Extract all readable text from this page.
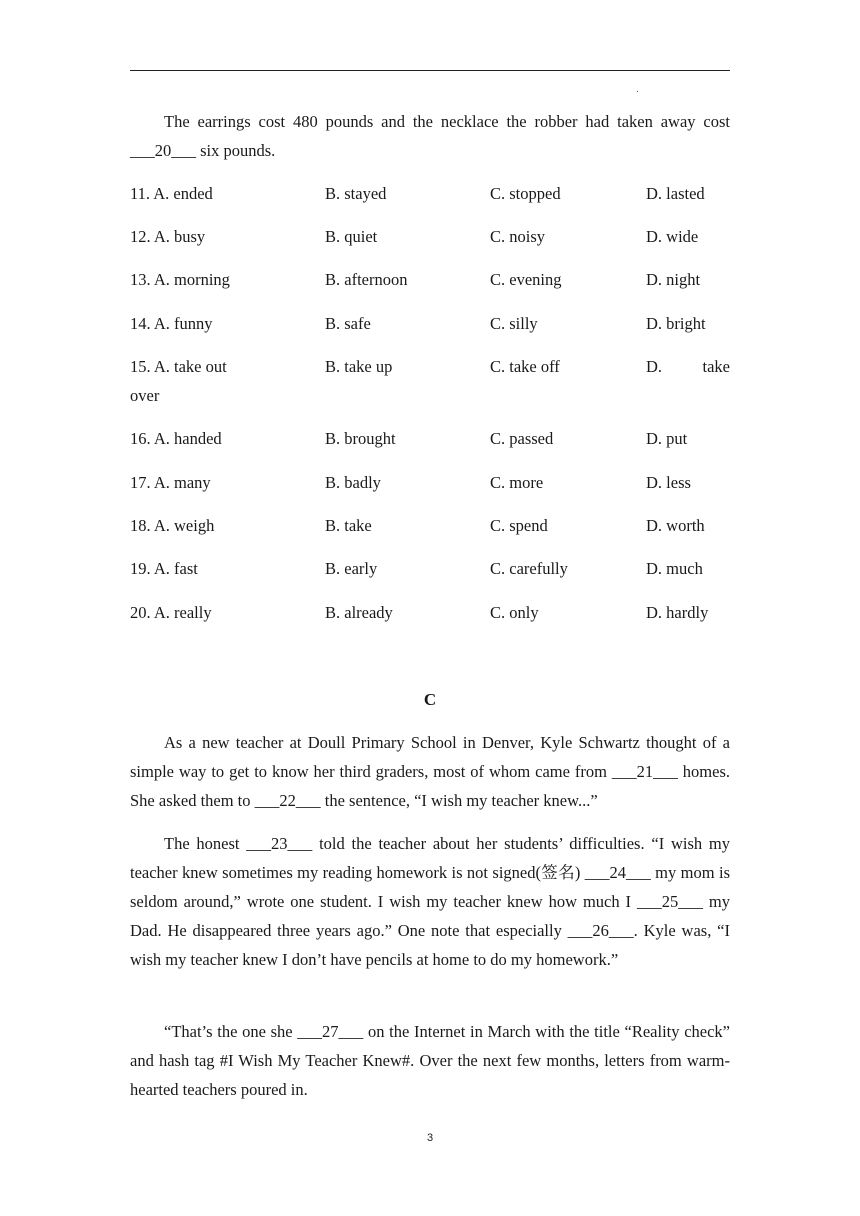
.

The earrings cost 480 pounds and the necklace the robber had taken away cost ___20___ six pounds.

11. A. ended	B. stayed	C. stopped	D. lasted
12. A. busy	B. quiet	C. noisy	D. wide
13. A. morning	B. afternoon	C. evening	D. night
14. A. funny	B. safe	C. silly	D. bright
15. A. take out	B. take up	C. take off	D. take
over
16. A. handed	B. brought	C. passed	D. put
17. A. many	B. badly	C. more	D. less
18. A. weigh	B. take	C. spend	D. worth
19. A. fast	B. early	C. carefully	D. much
20. A. really	B. already	C. only	D. hardly
C

As a new teacher at Doull Primary School in Denver, Kyle Schwartz thought of a simple way to get to know her third graders, most of whom came from ___21___ homes. She asked them to ___22___ the sentence, “I wish my teacher knew...”

The honest ___23___ told the teacher about her students’ difficulties. “I wish my teacher knew sometimes my reading homework is not signed(签名) ___24___ my mom is seldom around,” wrote one student. I wish my teacher knew how much I ___25___ my Dad. He disappeared three years ago.” One note that especially ___26___. Kyle was, “I wish my teacher knew I don’t have pencils at home to do my homework.”

“That’s the one she ___27___ on the Internet in March with the title “Reality check” and hash tag #I Wish My Teacher Knew#. Over the next few months, letters from warm-hearted teachers poured in.

3
